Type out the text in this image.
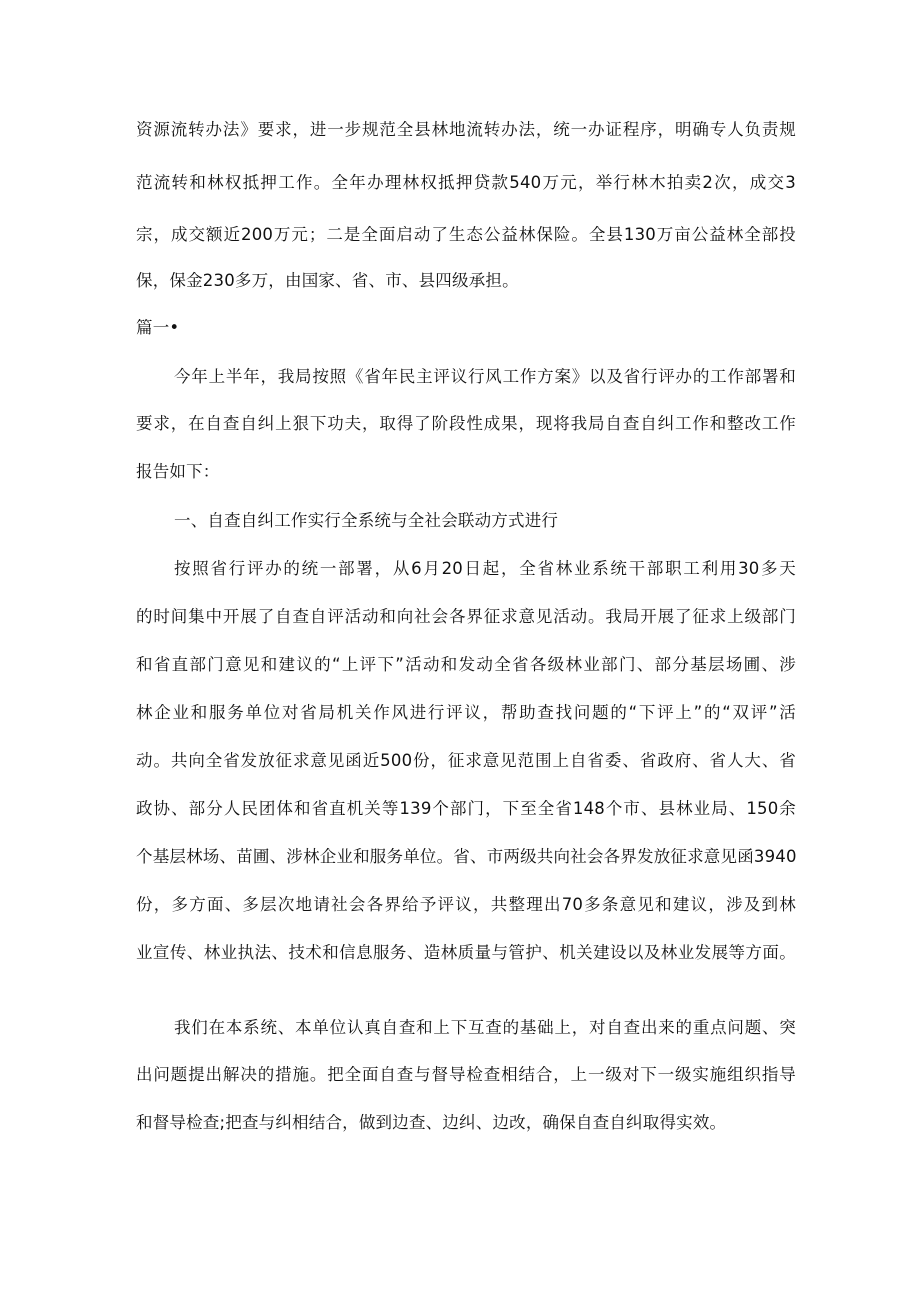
资源流转办法》要求，进一步规范全县林地流转办法，统一办证程序，明确专人负责规
范流转和林权抵押工作。全年办理林权抵押贷款540万元，举行林木拍卖2次，成交3
宗，成交额近200万元；二是全面启动了生态公益林保险。全县130万亩公益林全部投
保，保金230多万，由国家、省、市、县四级承担。
篇一•
今年上半年，我局按照《省年民主评议行风工作方案》以及省行评办的工作部署和
要求，在自查自纠上狠下功夫，取得了阶段性成果，现将我局自查自纠工作和整改工作
报告如下：
一、自查自纠工作实行全系统与全社会联动方式进行
按照省行评办的统一部署，从6月20日起，全省林业系统干部职工利用30多天
的时间集中开展了自查自评活动和向社会各界征求意见活动。我局开展了征求上级部门
和省直部门意见和建议的“上评下”活动和发动全省各级林业部门、部分基层场圃、涉
林企业和服务单位对省局机关作风进行评议，帮助查找问题的“下评上”的“双评”活
动。共向全省发放征求意见函近500份，征求意见范围上自省委、省政府、省人大、省
政协、部分人民团体和省直机关等139个部门，下至全省148个市、县林业局、150余
个基层林场、苗圃、涉林企业和服务单位。省、市两级共向社会各界发放征求意见函3940
份，多方面、多层次地请社会各界给予评议，共整理出70多条意见和建议，涉及到林
业宣传、林业执法、技术和信息服务、造林质量与管护、机关建设以及林业发展等方面。
我们在本系统、本单位认真自查和上下互查的基础上，对自查出来的重点问题、突
出问题提出解决的措施。把全面自查与督导检查相结合，上一级对下一级实施组织指导
和督导检查;把查与纠相结合，做到边查、边纠、边改，确保自查自纠取得实效。
